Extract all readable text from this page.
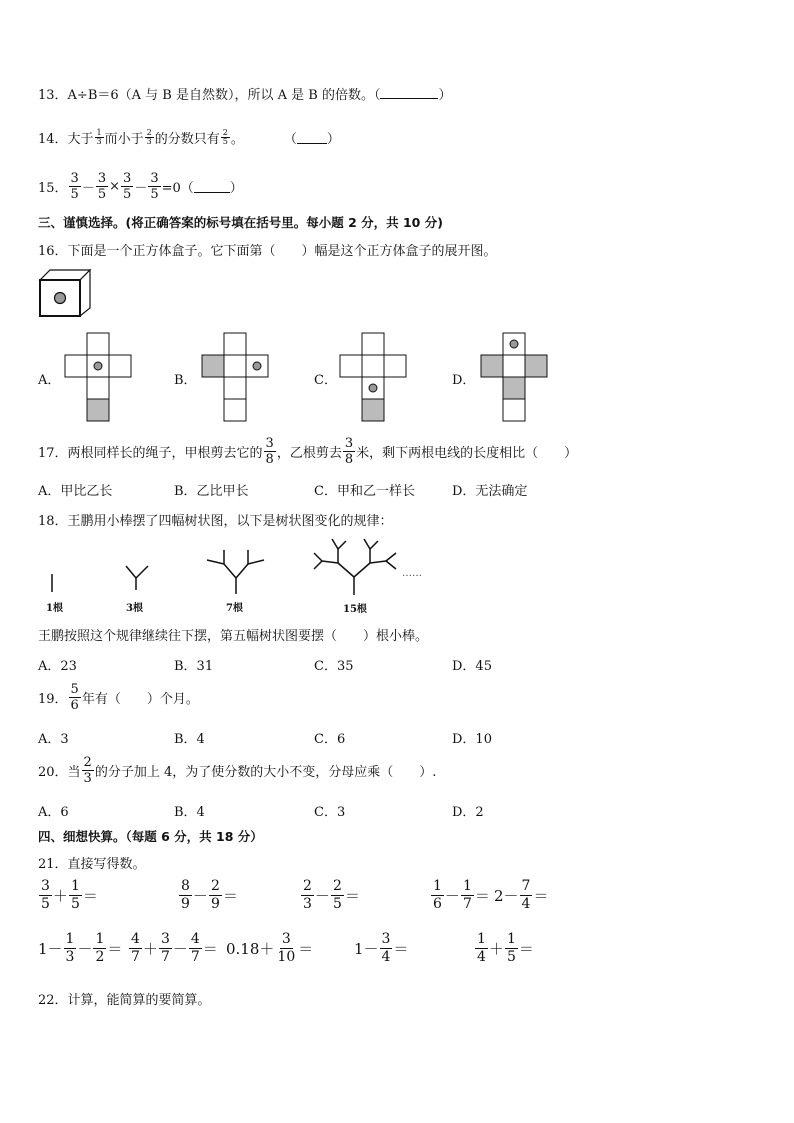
13．A÷B＝6（A 与 B 是自然数），所以 A 是 B 的倍数。（	）
14．大于 $\frac{1}{3}$ 而小于 $\frac{2}{3}$ 的分数只有 $\frac{2}{5}$ 。	（ ）
15． $\frac{3}{5} - \frac{3}{5} \times \frac{3}{5} - \frac{3}{5} =0$（	）
三、谨慎选择。(将正确答案的标号填在括号里。每小题 2 分，共 10 分)
16．下面是一个正方体盒子。它下面第（　　）幅是这个正方体盒子的展开图。
A．	B．	C．	D．
17．两根同样长的绳子，甲根剪去它的 $\frac{3}{8}$ ，乙根剪去 $\frac{3}{8}$ 米，剩下两根电线的长度相比（　　）
A．甲比乙长	B．乙比甲长	C．甲和乙一样长	D．无法确定
18．王鹏用小棒摆了四幅树状图，以下是树状图变化的规律：
……
1根	3根	7根	15根
王鹏按照这个规律继续往下摆，第五幅树状图要摆（　　）根小棒。
A．23	B．31	C．35	D．45
19． $\frac{5}{6}$ 年有（　　）个月。
A．3	B．4	C．6	D．10
20．当 $\frac{2}{3}$ 的分子加上 4，为了使分数的大小不变，分母应乘（　　）.
A．6	B．4	C．3	D．2
四、细想快算。（每题 6 分，共 18 分）
21．直接写得数。
$\frac{3}{5} + \frac{1}{5}$ ＝	$\frac{8}{9} - \frac{2}{9}$ ＝	$\frac{2}{3} - \frac{2}{5}$ ＝	$\frac{1}{6} - \frac{1}{7} = 2- \frac{7}{4}$ ＝
$1- \frac{1}{3} - \frac{1}{2} = \frac{4}{7} + \frac{3}{7} - \frac{4}{7} = 0.18+ \frac{3}{10}$ ＝	$1- \frac{3}{4}$ ＝	$\frac{1}{4} + \frac{1}{5}$ ＝
22．计算，能简算的要简算。
